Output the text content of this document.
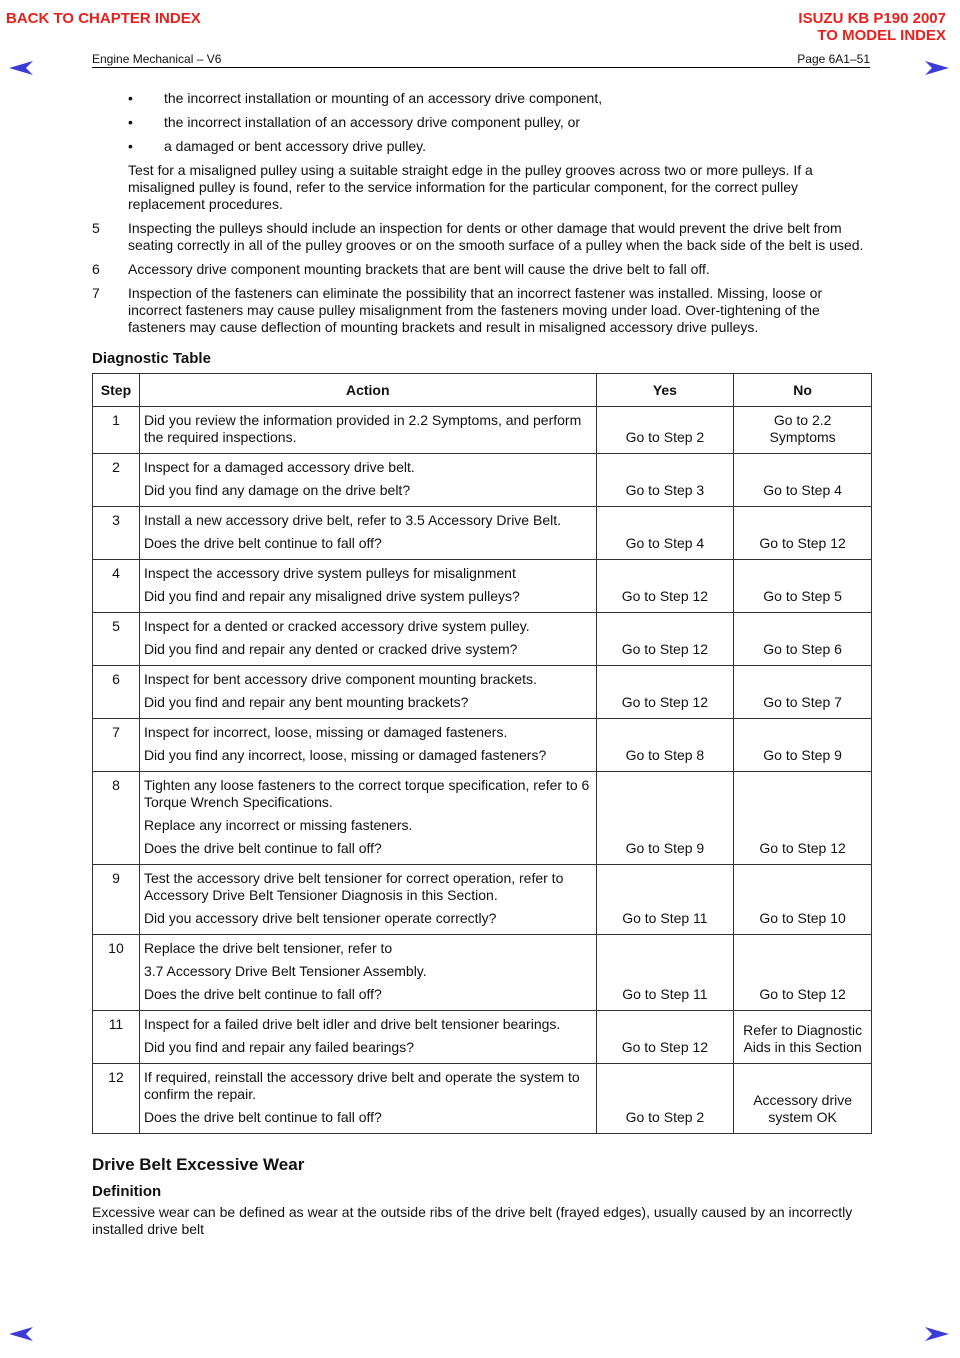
BACK TO CHAPTER INDEX	ISUZU KB P190 2007
TO MODEL INDEX
Engine Mechanical – V6	Page 6A1–51
• the incorrect installation or mounting of an accessory drive component,
• the incorrect installation of an accessory drive component pulley, or
• a damaged or bent accessory drive pulley.
Test for a misaligned pulley using a suitable straight edge in the pulley grooves across two or more pulleys. If a misaligned pulley is found, refer to the service information for the particular component, for the correct pulley replacement procedures.
5 Inspecting the pulleys should include an inspection for dents or other damage that would prevent the drive belt from seating correctly in all of the pulley grooves or on the smooth surface of a pulley when the back side of the belt is used.
6 Accessory drive component mounting brackets that are bent will cause the drive belt to fall off.
7 Inspection of the fasteners can eliminate the possibility that an incorrect fastener was installed. Missing, loose or incorrect fasteners may cause pulley misalignment from the fasteners moving under load. Over-tightening of the fasteners may cause deflection of mounting brackets and result in misaligned accessory drive pulleys.
Diagnostic Table
Step	Action	Yes	No
1	Did you review the information provided in 2.2 Symptoms, and perform the required inspections.	Go to Step 2	Go to 2.2
Symptoms
2	Inspect for a damaged accessory drive belt.
Did you find any damage on the drive belt?	Go to Step 3	Go to Step 4
3	Install a new accessory drive belt, refer to 3.5 Accessory Drive Belt.
Does the drive belt continue to fall off?	Go to Step 4	Go to Step 12
4	Inspect the accessory drive system pulleys for misalignment
Did you find and repair any misaligned drive system pulleys?	Go to Step 12	Go to Step 5
5	Inspect for a dented or cracked accessory drive system pulley.
Did you find and repair any dented or cracked drive system?	Go to Step 12	Go to Step 6
6	Inspect for bent accessory drive component mounting brackets.
Did you find and repair any bent mounting brackets?	Go to Step 12	Go to Step 7
7	Inspect for incorrect, loose, missing or damaged fasteners.
Did you find any incorrect, loose, missing or damaged fasteners?	Go to Step 8	Go to Step 9
8	Tighten any loose fasteners to the correct torque specification, refer to 6 Torque Wrench Specifications.
Replace any incorrect or missing fasteners.
Does the drive belt continue to fall off?	Go to Step 9	Go to Step 12
9	Test the accessory drive belt tensioner for correct operation, refer to Accessory Drive Belt Tensioner Diagnosis in this Section.
Did you accessory drive belt tensioner operate correctly?	Go to Step 11	Go to Step 10
10	Replace the drive belt tensioner, refer to
3.7 Accessory Drive Belt Tensioner Assembly.
Does the drive belt continue to fall off?	Go to Step 11	Go to Step 12
11	Inspect for a failed drive belt idler and drive belt tensioner bearings.
Did you find and repair any failed bearings?	Go to Step 12	Refer to Diagnostic Aids in this Section
12	If required, reinstall the accessory drive belt and operate the system to confirm the repair.
Does the drive belt continue to fall off?	Go to Step 2	Accessory drive system OK
Drive Belt Excessive Wear
Definition
Excessive wear can be defined as wear at the outside ribs of the drive belt (frayed edges), usually caused by an incorrectly installed drive belt
